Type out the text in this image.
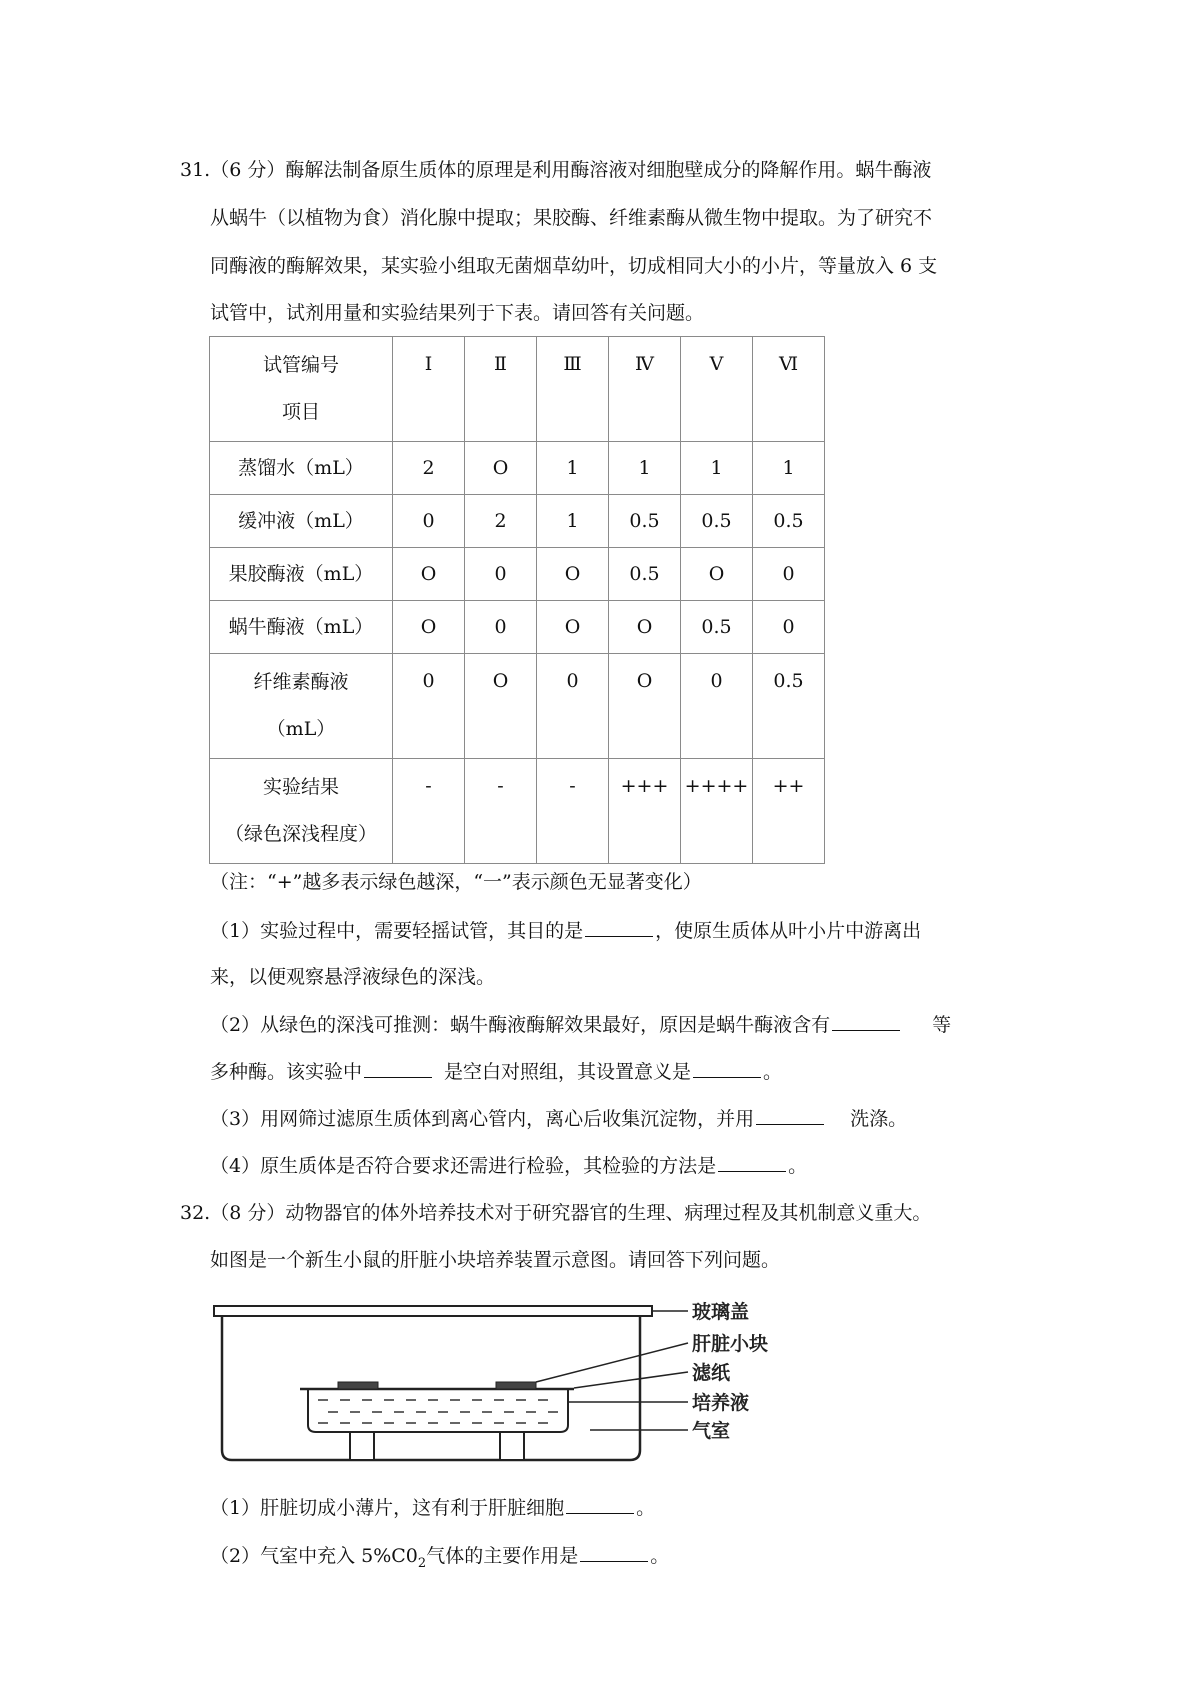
31.（6 分）酶解法制备原生质体的原理是利用酶溶液对细胞壁成分的降解作用。蜗牛酶液
从蜗牛（以植物为食）消化腺中提取；果胶酶、纤维素酶从微生物中提取。为了研究不
同酶液的酶解效果，某实验小组取无菌烟草幼叶，切成相同大小的小片，等量放入 6 支
试管中，试剂用量和实验结果列于下表。请回答有关问题。
试管编号
项目	Ⅰ	Ⅱ	Ⅲ	Ⅳ	Ⅴ	Ⅵ
蒸馏水（mL）	2	O	1	1	1	1
缓冲液（mL）	0	2	1	0.5	0.5	0.5
果胶酶液（mL）	O	0	O	0.5	O	0
蜗牛酶液（mL）	O	0	O	O	0.5	0

纤维素酶液
（mL）	0	O	0	O	0	0.5

实验结果
（绿色深浅程度）	-	-	-	+++	++++	++
（注：“+”越多表示绿色越深，“一”表示颜色无显著变化）
（1）实验过程中，需要轻摇试管，其目的是	，使原生质体从叶小片中游离出
来，以便观察悬浮液绿色的深浅。
（2）从绿色的深浅可推测：蜗牛酶液酶解效果最好，原因是蜗牛酶液含有	等
多种酶。该实验中	是空白对照组，其设置意义是	。
（3）用网筛过滤原生质体到离心管内，离心后收集沉淀物，并用	洗涤。
（4）原生质体是否符合要求还需进行检验，其检验的方法是	。
32.（8 分）动物器官的体外培养技术对于研究器官的生理、病理过程及其机制意义重大。
如图是一个新生小鼠的肝脏小块培养装置示意图。请回答下列问题。
玻璃盖
肝脏小块
滤纸
培养液
气室
（1）肝脏切成小薄片，这有利于肝脏细胞	。
（2）气室中充入 $5\%C0_2$气体的主要作用是	。
